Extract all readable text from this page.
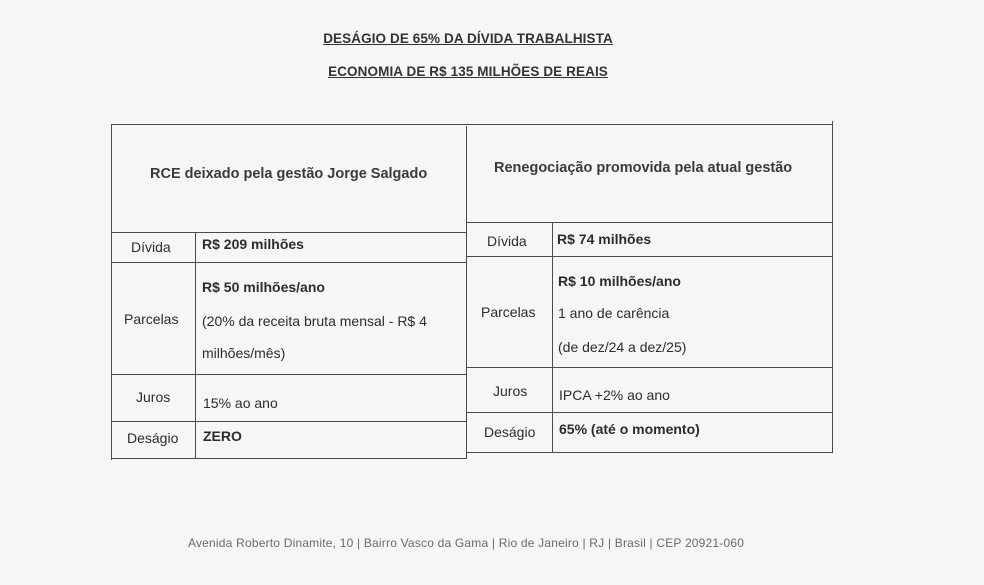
DESÁGIO DE 65% DA DÍVIDA TRABALHISTA
ECONOMIA DE R$ 135 MILHÕES DE REAIS
RCE deixado pela gestão Jorge Salgado	Renegociação promovida pela atual gestão
Dívida R$ 209 milhões
Parcelas
R$ 50 milhões/ano
(20% da receita bruta mensal - R$ 4
milhões/mês)
Juros 15% ao ano
Deságio ZERO
Dívida R$ 74 milhões
Parcelas
R$ 10 milhões/ano
1 ano de carência
(de dez/24 a dez/25)
Juros IPCA +2% ao ano
Deságio 65% (até o momento)
Avenida Roberto Dinamite, 10 | Bairro Vasco da Gama | Rio de Janeiro | RJ | Brasil | CEP 20921-060
